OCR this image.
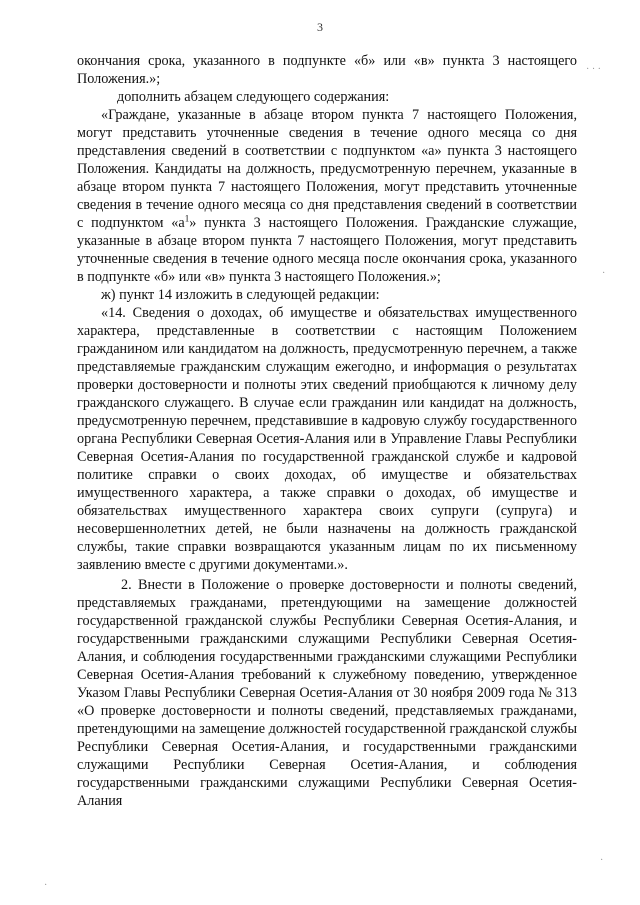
3

окончания срока, указанного в подпункте «б» или «в» пункта 3 настоящего Положения.»;

дополнить абзацем следующего содержания:

«Граждане, указанные в абзаце втором пункта 7 настоящего Положения, могут представить уточненные сведения в течение одного месяца со дня представления сведений в соответствии с подпунктом «а» пункта 3 настоящего Положения. Кандидаты на должность, предусмотренную перечнем, указанные в абзаце втором пункта 7 настоящего Положения, могут представить уточненные сведения в течение одного месяца со дня представления сведений в соответствии с подпунктом «$а^1$» пункта 3 настоящего Положения. Гражданские служащие, указанные в абзаце втором пункта 7 настоящего Положения, могут представить уточненные сведения в течение одного месяца после окончания срока, указанного в подпункте «б» или «в» пункта 3 настоящего Положения.»;

ж) пункт 14 изложить в следующей редакции:

«14. Сведения о доходах, об имуществе и обязательствах имущественного характера, представленные в соответствии с настоящим Положением гражданином или кандидатом на должность, предусмотренную перечнем, а также представляемые гражданским служащим ежегодно, и информация о результатах проверки достоверности и полноты этих сведений приобщаются к личному делу гражданского служащего. В случае если гражданин или кандидат на должность, предусмотренную перечнем, представившие в кадровую службу государственного органа Республики Северная Осетия-Алания или в Управление Главы Республики Северная Осетия-Алания по государственной гражданской службе и кадровой политике справки о своих доходах, об имуществе и обязательствах имущественного характера, а также справки о доходах, об имуществе и обязательствах имущественного характера своих супруги (супруга) и несовершеннолетних детей, не были назначены на должность гражданской службы, такие справки возвращаются указанным лицам по их письменному заявлению вместе с другими документами.».

2. Внести в Положение о проверке достоверности и полноты сведений, представляемых гражданами, претендующими на замещение должностей государственной гражданской службы Республики Северная Осетия-Алания, и государственными гражданскими служащими Республики Северная Осетия-Алания, и соблюдения государственными гражданскими служащими Республики Северная Осетия-Алания требований к служебному поведению, утвержденное Указом Главы Республики Северная Осетия-Алания от 30 ноября 2009 года № 313 «О проверке достоверности и полноты сведений, представляемых гражданами, претендующими на замещение должностей государственной гражданской службы Республики Северная Осетия-Алания, и государственными гражданскими служащими Республики Северная Осетия-Алания, и соблюдения государственными гражданскими служащими Республики Северная Осетия-Алания

· · ·
·
·
·
